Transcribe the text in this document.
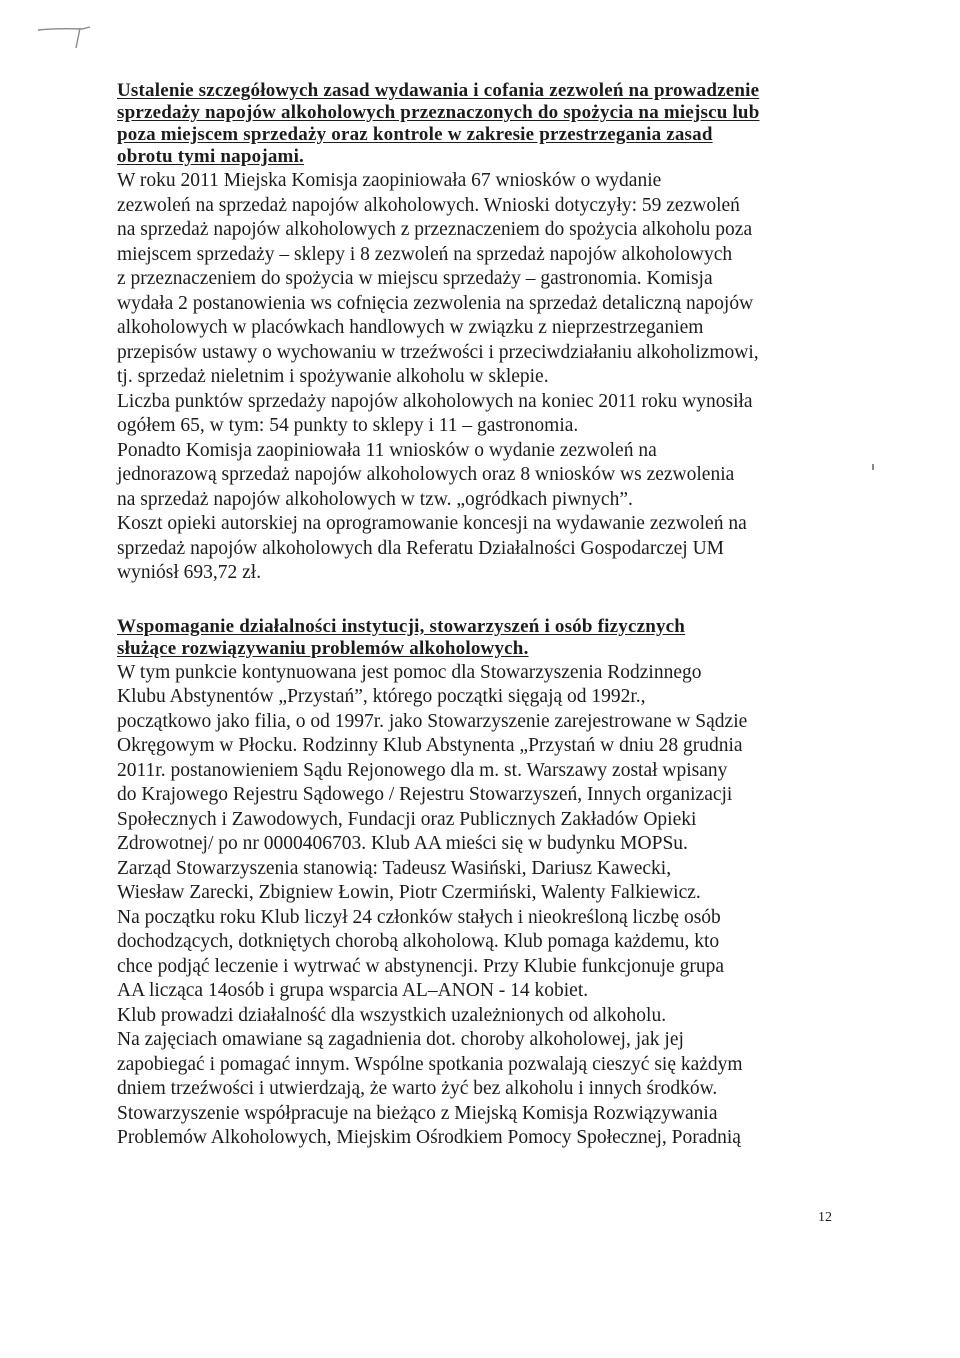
Ustalenie szczegółowych zasad wydawania i cofania zezwoleń na prowadzenie
sprzedaży napojów alkoholowych przeznaczonych do spożycia na miejscu lub
poza miejscem sprzedaży oraz kontrole w zakresie przestrzegania zasad
obrotu tymi napojami.

W roku 2011 Miejska Komisja zaopiniowała 67 wniosków o wydanie
zezwoleń na sprzedaż napojów alkoholowych. Wnioski dotyczyły: 59 zezwoleń
na sprzedaż napojów alkoholowych z przeznaczeniem do spożycia alkoholu poza
miejscem sprzedaży – sklepy i 8 zezwoleń na sprzedaż napojów alkoholowych
z przeznaczeniem do spożycia w miejscu sprzedaży – gastronomia. Komisja
wydała 2 postanowienia ws cofnięcia zezwolenia na sprzedaż detaliczną napojów
alkoholowych w placówkach handlowych w związku z nieprzestrzeganiem
przepisów ustawy o wychowaniu w trzeźwości i przeciwdziałaniu alkoholizmowi,
tj. sprzedaż nieletnim i spożywanie alkoholu w sklepie.
Liczba punktów sprzedaży napojów alkoholowych na koniec 2011 roku wynosiła
ogółem 65, w tym: 54 punkty to sklepy i 11 – gastronomia.
Ponadto Komisja zaopiniowała 11 wniosków o wydanie zezwoleń na
jednorazową sprzedaż napojów alkoholowych oraz 8 wniosków ws zezwolenia
na sprzedaż napojów alkoholowych w tzw. „ogródkach piwnych”.
Koszt opieki autorskiej na oprogramowanie koncesji na wydawanie zezwoleń na
sprzedaż napojów alkoholowych dla Referatu Działalności Gospodarczej UM
wyniósł 693,72 zł.

Wspomaganie działalności instytucji, stowarzyszeń i osób fizycznych
służące rozwiązywaniu problemów alkoholowych.

W tym punkcie kontynuowana jest pomoc dla Stowarzyszenia Rodzinnego
Klubu Abstynentów „Przystań”, którego początki sięgają od 1992r.,
początkowo jako filia, o od 1997r. jako Stowarzyszenie zarejestrowane w Sądzie
Okręgowym w Płocku. Rodzinny Klub Abstynenta „Przystań w dniu 28 grudnia
2011r. postanowieniem Sądu Rejonowego dla m. st. Warszawy został wpisany
do Krajowego Rejestru Sądowego / Rejestru Stowarzyszeń, Innych organizacji
Społecznych i Zawodowych, Fundacji oraz Publicznych Zakładów Opieki
Zdrowotnej/ po nr 0000406703. Klub AA mieści się w budynku MOPSu.
Zarząd Stowarzyszenia stanowią: Tadeusz Wasiński, Dariusz Kawecki,
Wiesław Zarecki, Zbigniew Łowin, Piotr Czermiński, Walenty Falkiewicz.
Na początku roku Klub liczył 24 członków stałych i nieokreśloną liczbę osób
dochodzących, dotkniętych chorobą alkoholową. Klub pomaga każdemu, kto
chce podjąć leczenie i wytrwać w abstynencji. Przy Klubie funkcjonuje grupa
AA licząca 14osób i grupa wsparcia AL–ANON - 14 kobiet.
Klub prowadzi działalność dla wszystkich uzależnionych od alkoholu.
Na zajęciach omawiane są zagadnienia dot. choroby alkoholowej, jak jej
zapobiegać i pomagać innym. Wspólne spotkania pozwalają cieszyć się każdym
dniem trzeźwości i utwierdzają, że warto żyć bez alkoholu i innych środków.
Stowarzyszenie współpracuje na bieżąco z Miejską Komisja Rozwiązywania
Problemów Alkoholowych, Miejskim Ośrodkiem Pomocy Społecznej, Poradnią

12
